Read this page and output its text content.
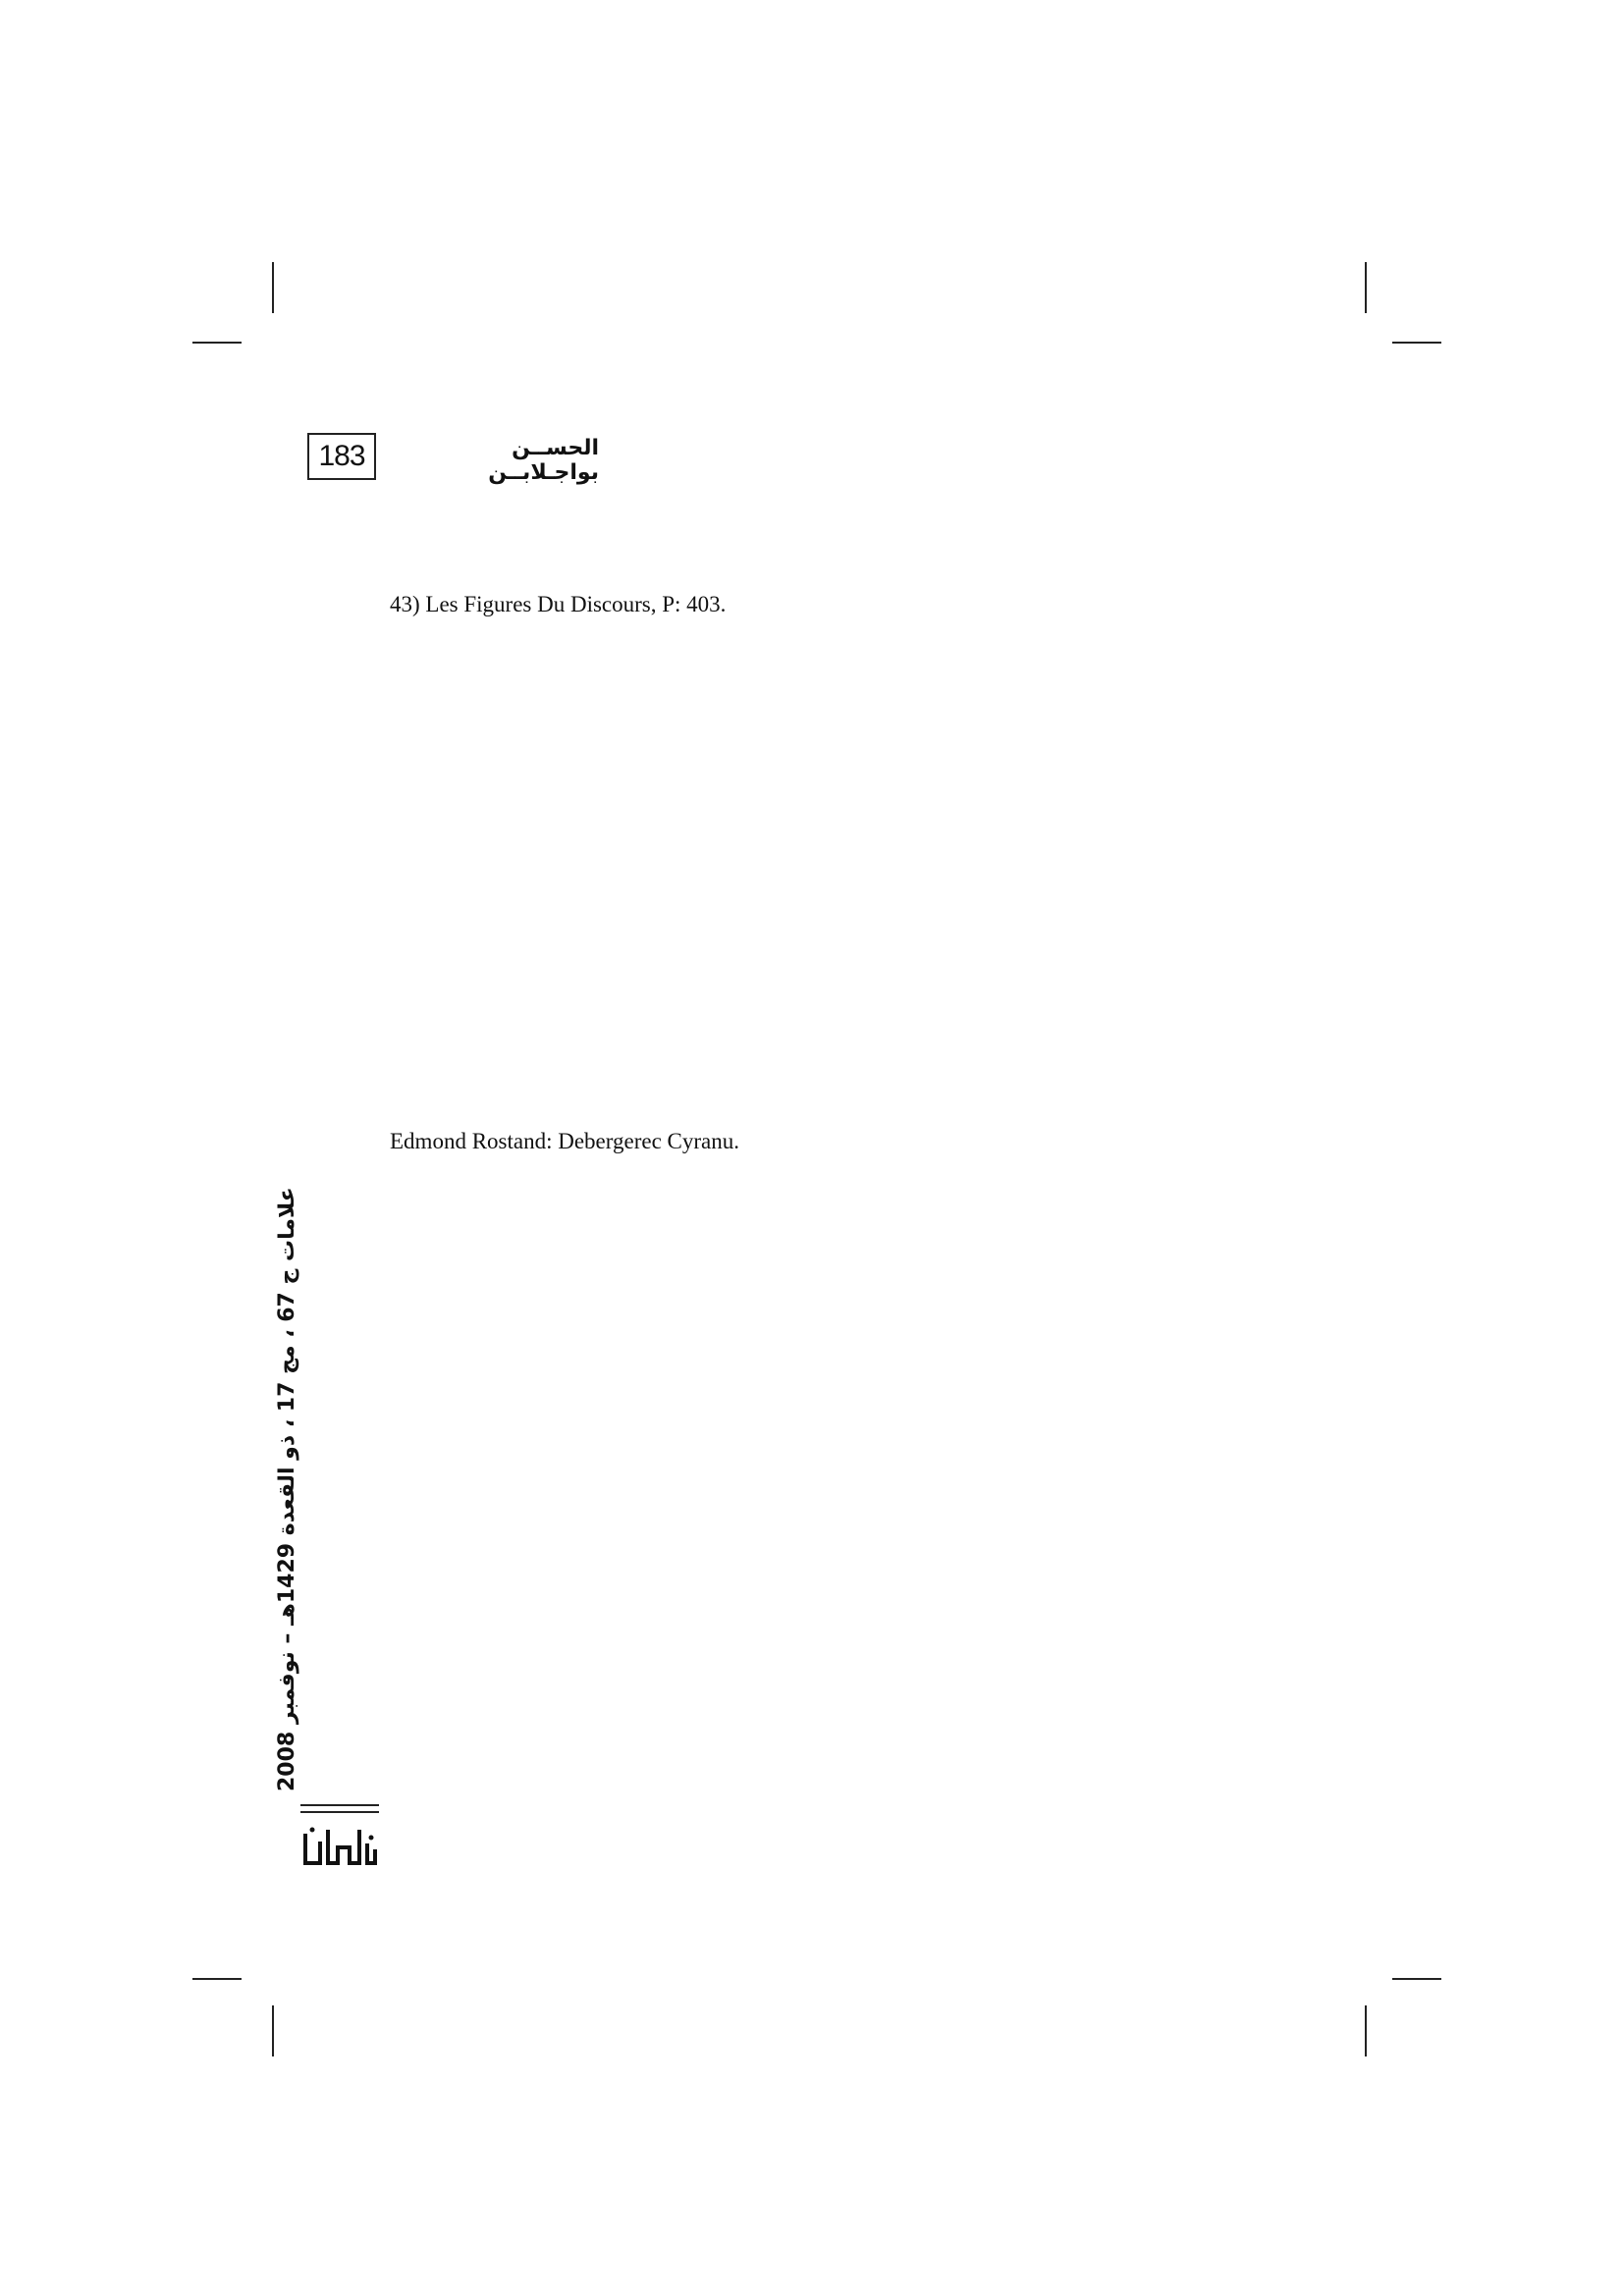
183	الحســن بواجـلابــن
43) Les Figures Du Discours, P: 403.
Edmond Rostand: Debergerec Cyranu.
علامات ج 67 ، مج 17 ، ذو القعدة 1429هـ – نوفمبر 2008
